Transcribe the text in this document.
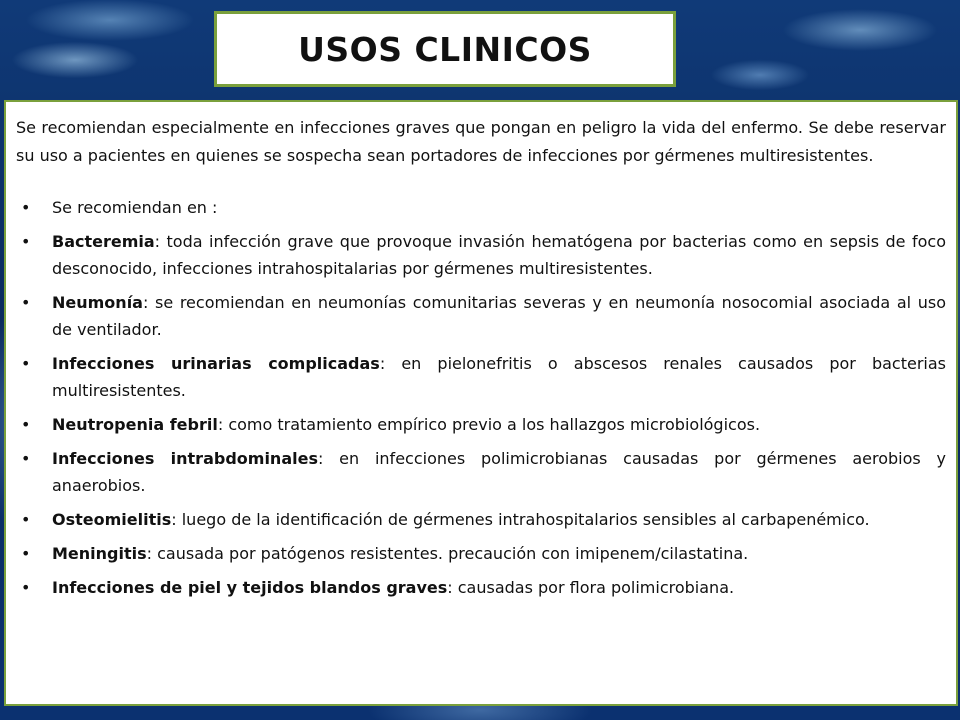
USOS CLINICOS

Se recomiendan especialmente en infecciones graves que pongan en peligro la vida del enfermo. Se debe reservar su uso a pacientes en quienes se sospecha sean portadores de infecciones por gérmenes multiresistentes.

• Se recomiendan en :
• Bacteremia: toda infección grave que provoque invasión hematógena por bacterias como en sepsis de foco desconocido, infecciones intrahospitalarias por gérmenes multiresistentes.
• Neumonía: se recomiendan en neumonías comunitarias severas y en neumonía nosocomial asociada al uso de ventilador.
• Infecciones urinarias complicadas: en pielonefritis o abscesos renales causados por bacterias multiresistentes.
• Neutropenia febril: como tratamiento empírico previo a los hallazgos microbiológicos.
• Infecciones intrabdominales: en infecciones polimicrobianas causadas por gérmenes aerobios y anaerobios.
• Osteomielitis: luego de la identificación de gérmenes intrahospitalarios sensibles al carbapenémico.
• Meningitis: causada por patógenos resistentes. precaución con imipenem/cilastatina.
• Infecciones de piel y tejidos blandos graves: causadas por flora polimicrobiana.
